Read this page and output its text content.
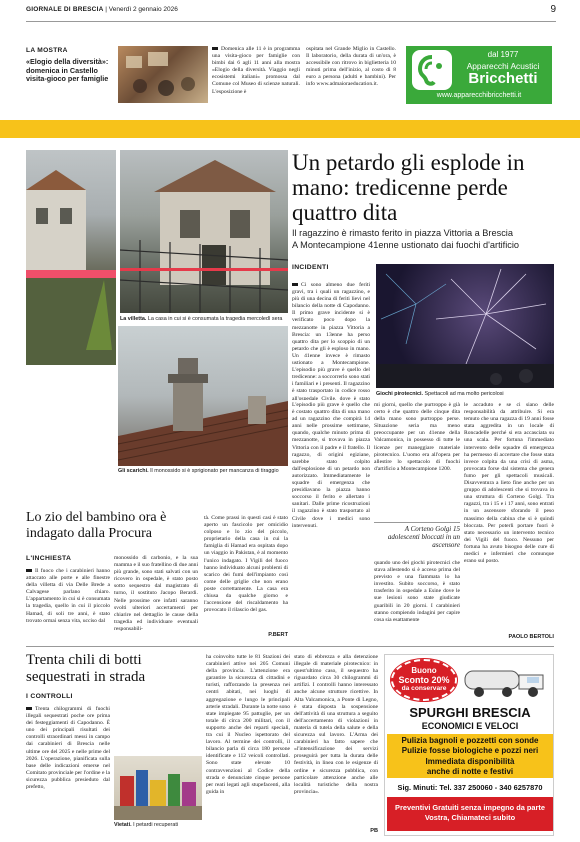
GIORNALE DI BRESCIA | Venerdì 2 gennaio 2026	9
LA MOSTRA
«Elogio della diversità»: domenica in Castello visita-gioco per famiglie
Domenica alle 11 è in programma una visita-gioco per famiglie con bimbi dai 6 agli 11 anni alla mostra «Elogio della diversità. Viaggio negli ecosistemi italiani» promossa dal Comune col Museo di scienze naturali. L'esposizione è
ospitata nel Grande Miglio in Castello. Il laboratorio, della durata di un'ora, è accessibile con ritrovo in biglietteria 10 minuti prima dell'inizio, al costo di 8 euro a persona (adulti e bambini). Per info www.admaioraeducation.it.
dal 1977
Apparecchi Acustici
Bricchetti
www.apparecchibricchetti.it
La villetta. La casa in cui si è consumata la tragedia mercoledì sera
Gli scarichi. Il monossido si è sprigionato per mancanza di tiraggio
Un petardo gli esplode in mano: tredicenne perde quattro dita
Il ragazzino è rimasto ferito in piazza Vittoria a Brescia
A Montecampione 41enne ustionato dai fuochi d'artificio
INCIDENTI
Ci sono almeno due feriti gravi, tra i quali un ragazzino, e più di una decina di feriti lievi nel bilancio della notte di Capodanno. Il primo grave incidente si è verificato poco dopo la mezzanotte in piazza Vittoria a Brescia: un 13enne ha perso quattro dita per lo scoppio di un petardo che gli è esploso in mano. Un 41enne invece è rimasto ustionato a Montecampione. L'episodio più grave è quello del tredicenne: a soccorrerlo sono stati i familiari e i presenti. Il ragazzino è stato trasportato in codice rosso all'ospedale Civile, dove è stato
L'episodio più grave è quello che è costato quattro dita di una mano ad un ragazzino che compirà 14 anni nelle prossime settimane, quando, qualche minuto prima di mezzanotte, si trovava in piazza Vittoria con il padre e il fratello. Il ragazzo, di origini egiziane, sarebbe stato colpito dall'esplosione di un petardo non autorizzato. Immediatamente le squadre di emergenza che presidiavano la piazza hanno soccorso il ferito e allertato i sanitari. Dalle prime ricostruzioni il ragazzino è stato trasportato al Civile dove i medici sono intervenuti.
Giochi pirotecnici. Spettacoli ad ma molto pericolosi
mi giorni, quello che purtroppo è già certo è che quattro delle cinque dita della mano sono purtroppo perse. Situazione seria ma meno preoccupante per un 41enne della Valcamonica, in possesso di tutte le licenze per maneggiare materiale pirotecnico. L'uomo era all'opera per allestire lo spettacolo di fuochi d'artificio a Montecampione 1200.
A Corteno Golgi 15 adolescenti bloccati in un ascensore
quando uno dei giochi pirotecnici che stava allestendo si è acceso prima del previsto e una fiammata lo ha investito. Subito soccorso, è stato trasferito in ospedale a Esine dove le sue lesioni sono state giudicate guaribili in 20 giorni. I carabinieri stanno compiendo indagini per capire cosa sia esattamente
le accaduto e se ci siano delle responsabilità da attribuire. Si era temuto che una ragazza di 19 anni fosse stata aggredita in un locale di Roncadelle perché si era accasciata su una scala. Per fortuna l'immediato intervento delle squadre di emergenza ha permesso di accertare che fosse stata invece colpita da una crisi di asma, provocata forse dal sistema che genera fumo per gli spettacoli musicali. Disavventura a lieto fine anche per un gruppo di adolescenti che si trovava in una struttura di Corteno Golgi. Tra ragazzi, tra i 15 e i 17 anni, sono entrati in un ascensore sforando il peso massimo della cabina che si è quindi bloccata. Per poterli portare fuori è stato necessario un intervento tecnico dei Vigili del fuoco. Nessuno per fortuna ha avuto bisogno delle cure di medici e infermieri che comunque erano sul posto.
PAOLO BERTOLI
Lo zio del bambino ora è indagato dalla Procura
L'INCHIESTA
Il fuoco che i carabinieri hanno attaccato alle porte e alle finestre della villetta di via Delle Brede a Calvagese parlano chiaro. L'appartamento in cui si è consumata la tragedia, quello in cui il piccolo Hamad, di soli tre anni, è stato trovato ormai senza vita, ucciso dal
monossido di carbonio, e la sua mamma e il suo fratellino di due anni più grande, sono stati salvati con un ricovero in ospedale, è stato posto sotto sequestro dal magistrato di turno, il sostituto Jacopo Berardi. Nelle prossime ore infatti saranno svolti ulteriori accertamenti per chiarire nel dettaglio le cause della tragedia ed individuare eventuali responsabili-
tà. Come prassi in questi casi è stato aperto un fascicolo per omicidio colposo e lo zio del piccolo, proprietario della casa in cui la famiglia di Hamad era ospitata dopo un viaggio in Pakistan, è al momento l'unico indagato. I Vigili del fuoco hanno individuato alcuni problemi di scarico dei fumi dell'impianto così come delle griglie che non erano poste correttamente. La casa era chiusa da qualche giorno e l'accensione del riscaldamento ha provocato il rilascio del gas.
P.BERT
Trenta chili di botti sequestrati in strada
I CONTROLLI
Trenta chilogrammi di fuochi illegali sequestrati poche ore prima dei festeggiamenti di Capodanno. È uno dei principali risultati dei controlli straordinari messi in campo dai carabinieri di Brescia nelle ultime ore del 2025 e nelle prime del 2026. L'operazione, pianificata sulla base delle indicazioni emerse nel Comitato provinciale per l'ordine e la sicurezza pubblica presieduto dal prefetto,
Vietati. I petardi recuperati
ha coinvolto tutte le 81 Stazioni dei carabinieri attive nei 205 Comuni della provincia. L'attenzione era garantire la sicurezza di cittadini e turisti, rafforzando la presenza nei centri abitati, nei luoghi di aggregazione e lungo le principali arterie stradali. Durante la notte sono state impiegate 95 pattuglie, per un totale di circa 200 militari, con il supporto anche dei reparti speciali, tra cui il Nucleo ispettorato del lavoro. Al termine dei controlli, il bilancio parla di circa 180 persone identificate e 112 veicoli controllati. Sono state elevate 10 contravvenzioni al Codice della strada e denunciate cinque persone per reati legati agli stupefacenti, alla guida in
stato di ebbrezza e alla detenzione illegale di materiale pirotecnico: in quest'ultimo caso, il sequestro ha riguardato circa 30 chilogrammi di artifizi. I controlli hanno interessato anche alcune strutture ricettive. In Alta Valcamonica, a Ponte di Legno, è stata disposta la sospensione dell'attività di una struttura a seguito dell'accertamento di violazioni in materia di tutela della salute e della sicurezza sul lavoro. L'Arma dei carabinieri ha fatto sapere che «l'intensificazione dei servizi proseguirà per tutta la durata delle festività, in linea con le esigenze di ordine e sicurezza pubblica, con particolare attenzione anche alle località turistiche della nostra provincia».
PB
Buono
Sconto 20%
da conservare
SPURGHI BRESCIA
ECONOMICI E VELOCI
Pulizia bagnoli e pozzetti con sonde
Pulizie fosse biologiche e pozzi neri
Immediata disponibilità
anche di notte e festivi
Sig. Minuti: Tel. 337 250060 - 340 6257870
Preventivi Gratuiti senza impegno da parte
Vostra, Chiamateci subito
